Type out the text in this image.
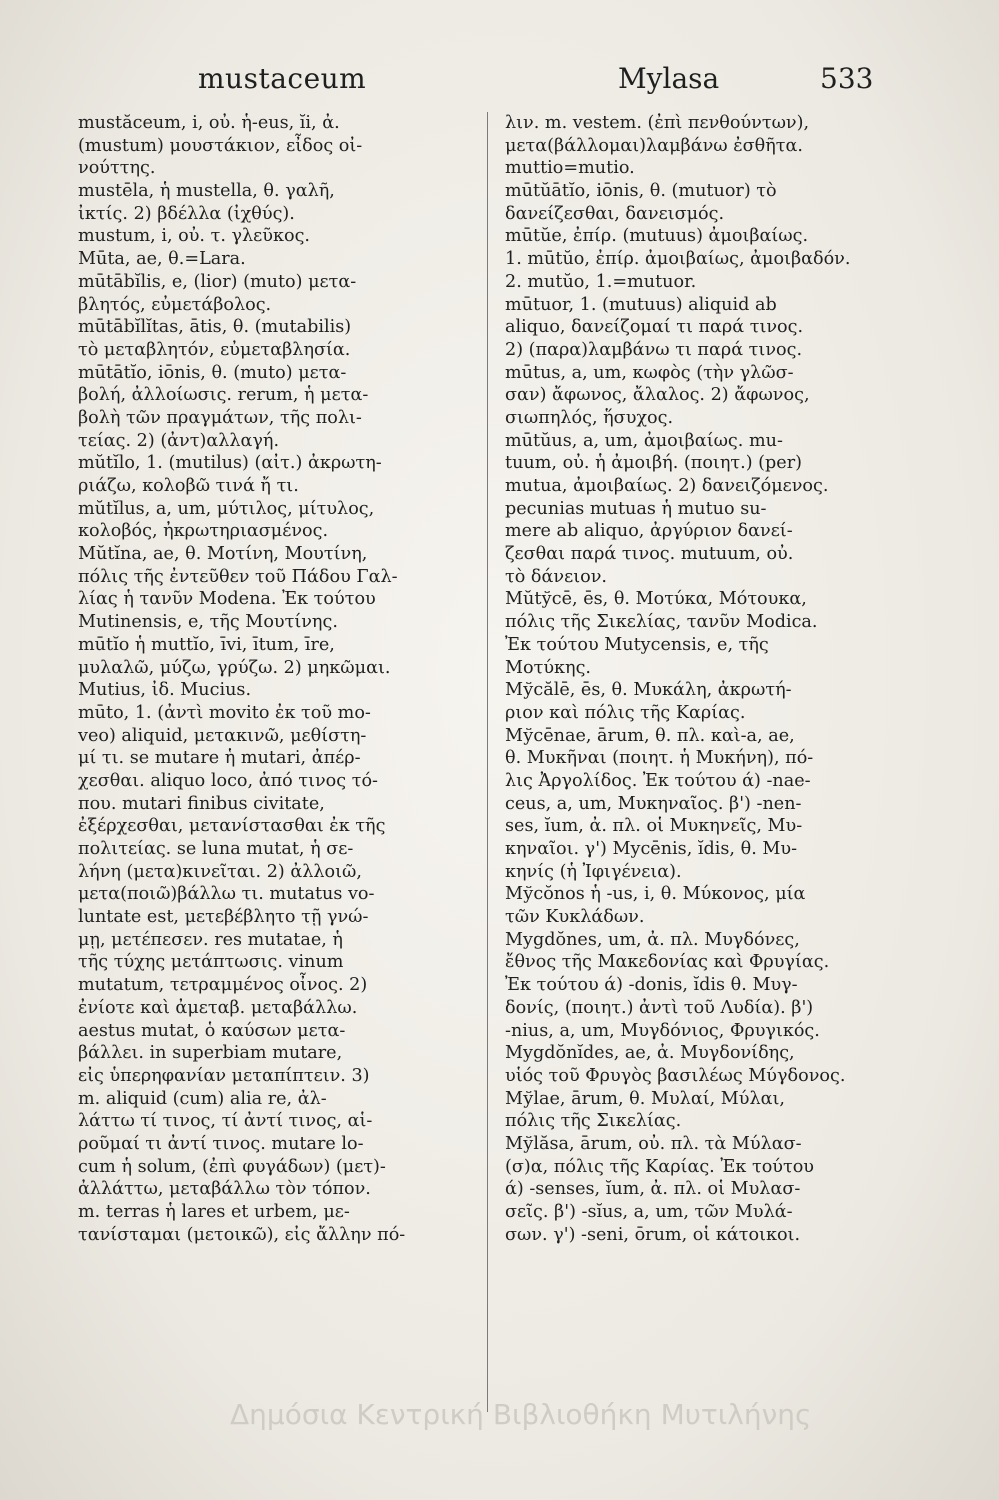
mustaceum	Mylasa	533
mustăceum, i, οὐ. ἡ-eus, ĭi, ἀ.
(mustum) μουστάκιον, εἶδος οἰ-
νούττης.
mustēla, ἡ mustella, θ. γαλῆ,
ἰκτίς. 2) βδέλλα (ἰχθύς).
mustum, i, οὐ. τ. γλεῦκος.
Mūta, ae, θ.=Lara.
mūtābĭlis, e, (lior) (muto) μετα-
βλητός, εὐμετάβολος.
mūtābĭlĭtas, ātis, θ. (mutabilis)
τὸ μεταβλητόν, εὐμεταβλησία.
mūtātĭo, iōnis, θ. (muto) μετα-
βολή, ἀλλοίωσις. rerum, ἡ μετα-
βολὴ τῶν πραγμάτων, τῆς πολι-
τείας. 2) (ἀντ)αλλαγή.
mŭtĭlo, 1. (mutilus) (αἰτ.) ἀκρωτη-
ριάζω, κολοβῶ τινά ἤ τι.
mŭtĭlus, a, um, μύτιλος, μίτυλος,
κολοβός, ἠκρωτηριασμένος.
Mŭtĭna, ae, θ. Μοτίνη, Μουτίνη,
πόλις τῆς ἐντεῦθεν τοῦ Πάδου Γαλ-
λίας ἡ τανῦν Modena. Ἐκ τούτου
Mutinensis, e, τῆς Μουτίνης.
mūtĭo ἡ muttĭo, īvi, ītum, īre,
μυλαλῶ, μύζω, γρύζω. 2) μηκῶμαι.
Mutius, ἰδ. Mucius.
mūto, 1. (ἀντὶ movito ἐκ τοῦ mo-
veo) aliquid, μετακινῶ, μεθίστη-
μί τι. se mutare ἡ mutari, ἀπέρ-
χεσθαι. aliquo loco, ἀπό τινος τό-
που. mutari finibus civitate,
ἐξέρχεσθαι, μετανίστασθαι ἐκ τῆς
πολιτείας. se luna mutat, ἡ σε-
λήνη (μετα)κινεῖται. 2) ἀλλοιῶ,
μετα(ποιῶ)βάλλω τι. mutatus vo-
luntate est, μετεβέβλητο τῇ γνώ-
μῃ, μετέπεσεν. res mutatae, ἡ
τῆς τύχης μετάπτωσις. vinum
mutatum, τετραμμένος οἶνος. 2)
ἐνίοτε καὶ ἀμεταβ. μεταβάλλω.
aestus mutat, ὁ καύσων μετα-
βάλλει. in superbiam mutare,
εἰς ὑπερηφανίαν μεταπίπτειν. 3)
m. aliquid (cum) alia re, ἀλ-
λάττω τί τινος, τί ἀντί τινος, αἱ-
ροῦμαί τι ἀντί τινος. mutare lo-
cum ἡ solum, (ἐπὶ φυγάδων) (μετ)-
ἀλλάττω, μεταβάλλω τὸν τόπον.
m. terras ἡ lares et urbem, με-
τανίσταμαι (μετοικῶ), εἰς ἄλλην πό-
λιν. m. vestem. (ἐπὶ πενθούντων),
μετα(βάλλομαι)λαμβάνω ἐσθῆτα.
muttio=mutio.
mūtŭātĭo, iōnis, θ. (mutuor) τὸ
δανείζεσθαι, δανεισμός.
mūtŭe, ἐπίρ. (mutuus) ἀμοιβαίως.
1. mūtŭo, ἐπίρ. ἀμοιβαίως, ἀμοιβαδόν.
2. mutŭo, 1.=mutuor.
mūtuor, 1. (mutuus) aliquid ab
aliquo, δανείζομαί τι παρά τινος.
2) (παρα)λαμβάνω τι παρά τινος.
mūtus, a, um, κωφὸς (τὴν γλῶσ-
σαν) ἄφωνος, ἄλαλος. 2) ἄφωνος,
σιωπηλός, ἥσυχος.
mūtŭus, a, um, ἀμοιβαίως. mu-
tuum, οὐ. ἡ ἀμοιβή. (ποιητ.) (per)
mutua, ἀμοιβαίως. 2) δανειζόμενος.
pecunias mutuas ἡ mutuo su-
mere ab aliquo, ἀργύριον δανεί-
ζεσθαι παρά τινος. mutuum, οὐ.
τὸ δάνειον.
Mŭtўcē, ēs, θ. Μοτύκα, Μότουκα,
πόλις τῆς Σικελίας, τανῦν Modica.
Ἐκ τούτου Mutycensis, e, τῆς
Μοτύκης.
Mўcălē, ēs, θ. Μυκάλη, ἀκρωτή-
ριον καὶ πόλις τῆς Καρίας.
Mўcēnae, ārum, θ. πλ. καὶ-a, ae,
θ. Μυκῆναι (ποιητ. ἡ Μυκήνη), πό-
λις Ἀργολίδος. Ἐκ τούτου ά) -nae-
ceus, a, um, Μυκηναῖος. β') -nen-
ses, ĭum, ἀ. πλ. οἱ Μυκηνεῖς, Μυ-
κηναῖοι. γ') Mycēnis, ĭdis, θ. Μυ-
κηνίς (ἡ Ἰφιγένεια).
Mўcŏnos ἡ -us, i, θ. Μύκονος, μία
τῶν Κυκλάδων.
Mygdŏnes, um, ἀ. πλ. Μυγδόνες,
ἔθνος τῆς Μακεδονίας καὶ Φρυγίας.
Ἐκ τούτου ά) -donis, ĭdis θ. Μυγ-
δονίς, (ποιητ.) ἀντὶ τοῦ Λυδία). β')
-nius, a, um, Μυγδόνιος, Φρυγικός.
Mygdŏnĭdes, ae, ἀ. Μυγδονίδης,
υἱός τοῦ Φρυγὸς βασιλέως Μύγδονος.
Mўlae, ārum, θ. Μυλαί, Μύλαι,
πόλις τῆς Σικελίας.
Mўlăsa, ārum, οὐ. πλ. τὰ Μύλασ-
(σ)α, πόλις τῆς Καρίας. Ἐκ τούτου
ά) -senses, ĭum, ἀ. πλ. οἱ Μυλασ-
σεῖς. β') -sĭus, a, um, τῶν Μυλά-
σων. γ') -seni, ōrum, οἱ κάτοικοι.
Δημόσια Κεντρική Βιβλιοθήκη Μυτιλήνης
